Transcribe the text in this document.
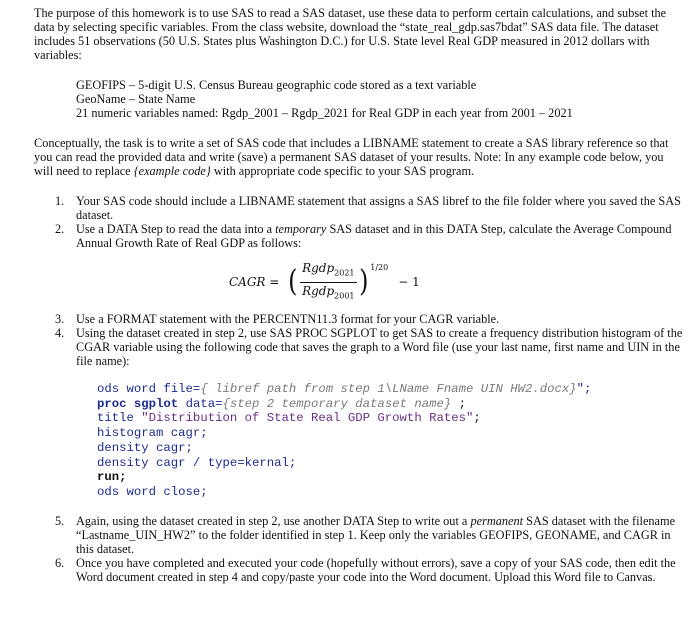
The purpose of this homework is to use SAS to read a SAS dataset, use these data to perform certain calculations, and subset the data by selecting specific variables. From the class website, download the “state_real_gdp.sas7bdat” SAS data file. The dataset includes 51 observations (50 U.S. States plus Washington D.C.) for U.S. State level Real GDP measured in 2012 dollars with variables:

GEOFIPS – 5-digit U.S. Census Bureau geographic code stored as a text variable
GeoName – State Name
21 numeric variables named: Rgdp_2001 – Rgdp_2021 for Real GDP in each year from 2001 – 2021

Conceptually, the task is to write a set of SAS code that includes a LIBNAME statement to create a SAS library reference so that you can read the provided data and write (save) a permanent SAS dataset of your results. Note: In any example code below, you will need to replace {example code} with appropriate code specific to your SAS program.

1. Your SAS code should include a LIBNAME statement that assigns a SAS libref to the file folder where you saved the SAS dataset.
2. Use a DATA Step to read the data into a temporary SAS dataset and in this DATA Step, calculate the Average Compound Annual Growth Rate of Real GDP as follows:
CAGR = ( $\frac{Rgdp_{2021}}{Rgdp_{2001}}$ ) 1/20
− 1
3. Use a FORMAT statement with the PERCENTN11.3 format for your CAGR variable.
4. Using the dataset created in step 2, use SAS PROC SGPLOT to get SAS to create a frequency distribution histogram of the CGAR variable using the following code that saves the graph to a Word file (use your last name, first name and UIN in the file name):
ods word file={ libref path from step 1\LName Fname UIN HW2.docx}";
proc sgplot data={step 2 temporary dataset name} ;
title "Distribution of State Real GDP Growth Rates";
histogram cagr;
density cagr;
density cagr / type=kernal;
run;
ods word close;
5. Again, using the dataset created in step 2, use another DATA Step to write out a permanent SAS dataset with the filename “Lastname_UIN_HW2” to the folder identified in step 1. Keep only the variables GEOFIPS, GEONAME, and CAGR in this dataset.
6. Once you have completed and executed your code (hopefully without errors), save a copy of your SAS code, then edit the Word document created in step 4 and copy/paste your code into the Word document. Upload this Word file to Canvas.
